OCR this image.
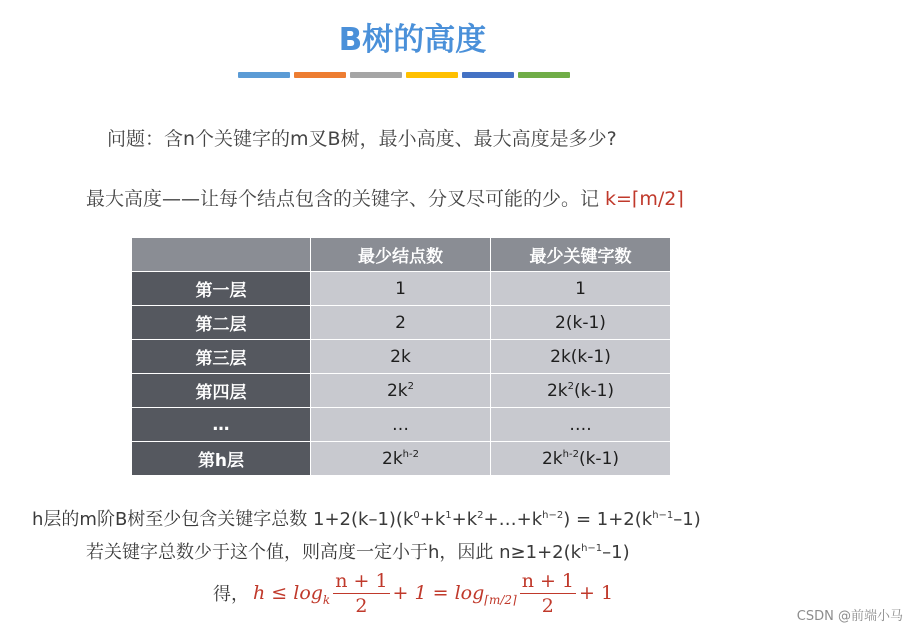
B树的高度
问题：含n个关键字的m叉B树，最小高度、最大高度是多少?
最大高度——让每个结点包含的关键字、分叉尽可能的少。记 k=⌈m/2⌉
	最少结点数	最少关键字数
第一层	1	1
第二层	2	2(k-1)
第三层	2k	2k(k-1)
第四层	$2k^2$	$2k^2(k-1)$
…	…	….
第h层	$2k^{h-2}$	$2k^{h-2}(k-1)$
h层的m阶B树至少包含关键字总数 $1+2(k-1)(k^0+k^1+k^2+\dots+k^{h-2}) = 1+2(k^{h-1}-1)$
若关键字总数少于这个值，则高度一定小于h，因此 $n\ge 1+2(k^{h-1}-1)$
得， h ≤ log k $\frac{n + 1}{2} + 1 = \log$ ⌈m/2⌉ $\frac{n + 1}{2} + 1$
CSDN @前端小马
